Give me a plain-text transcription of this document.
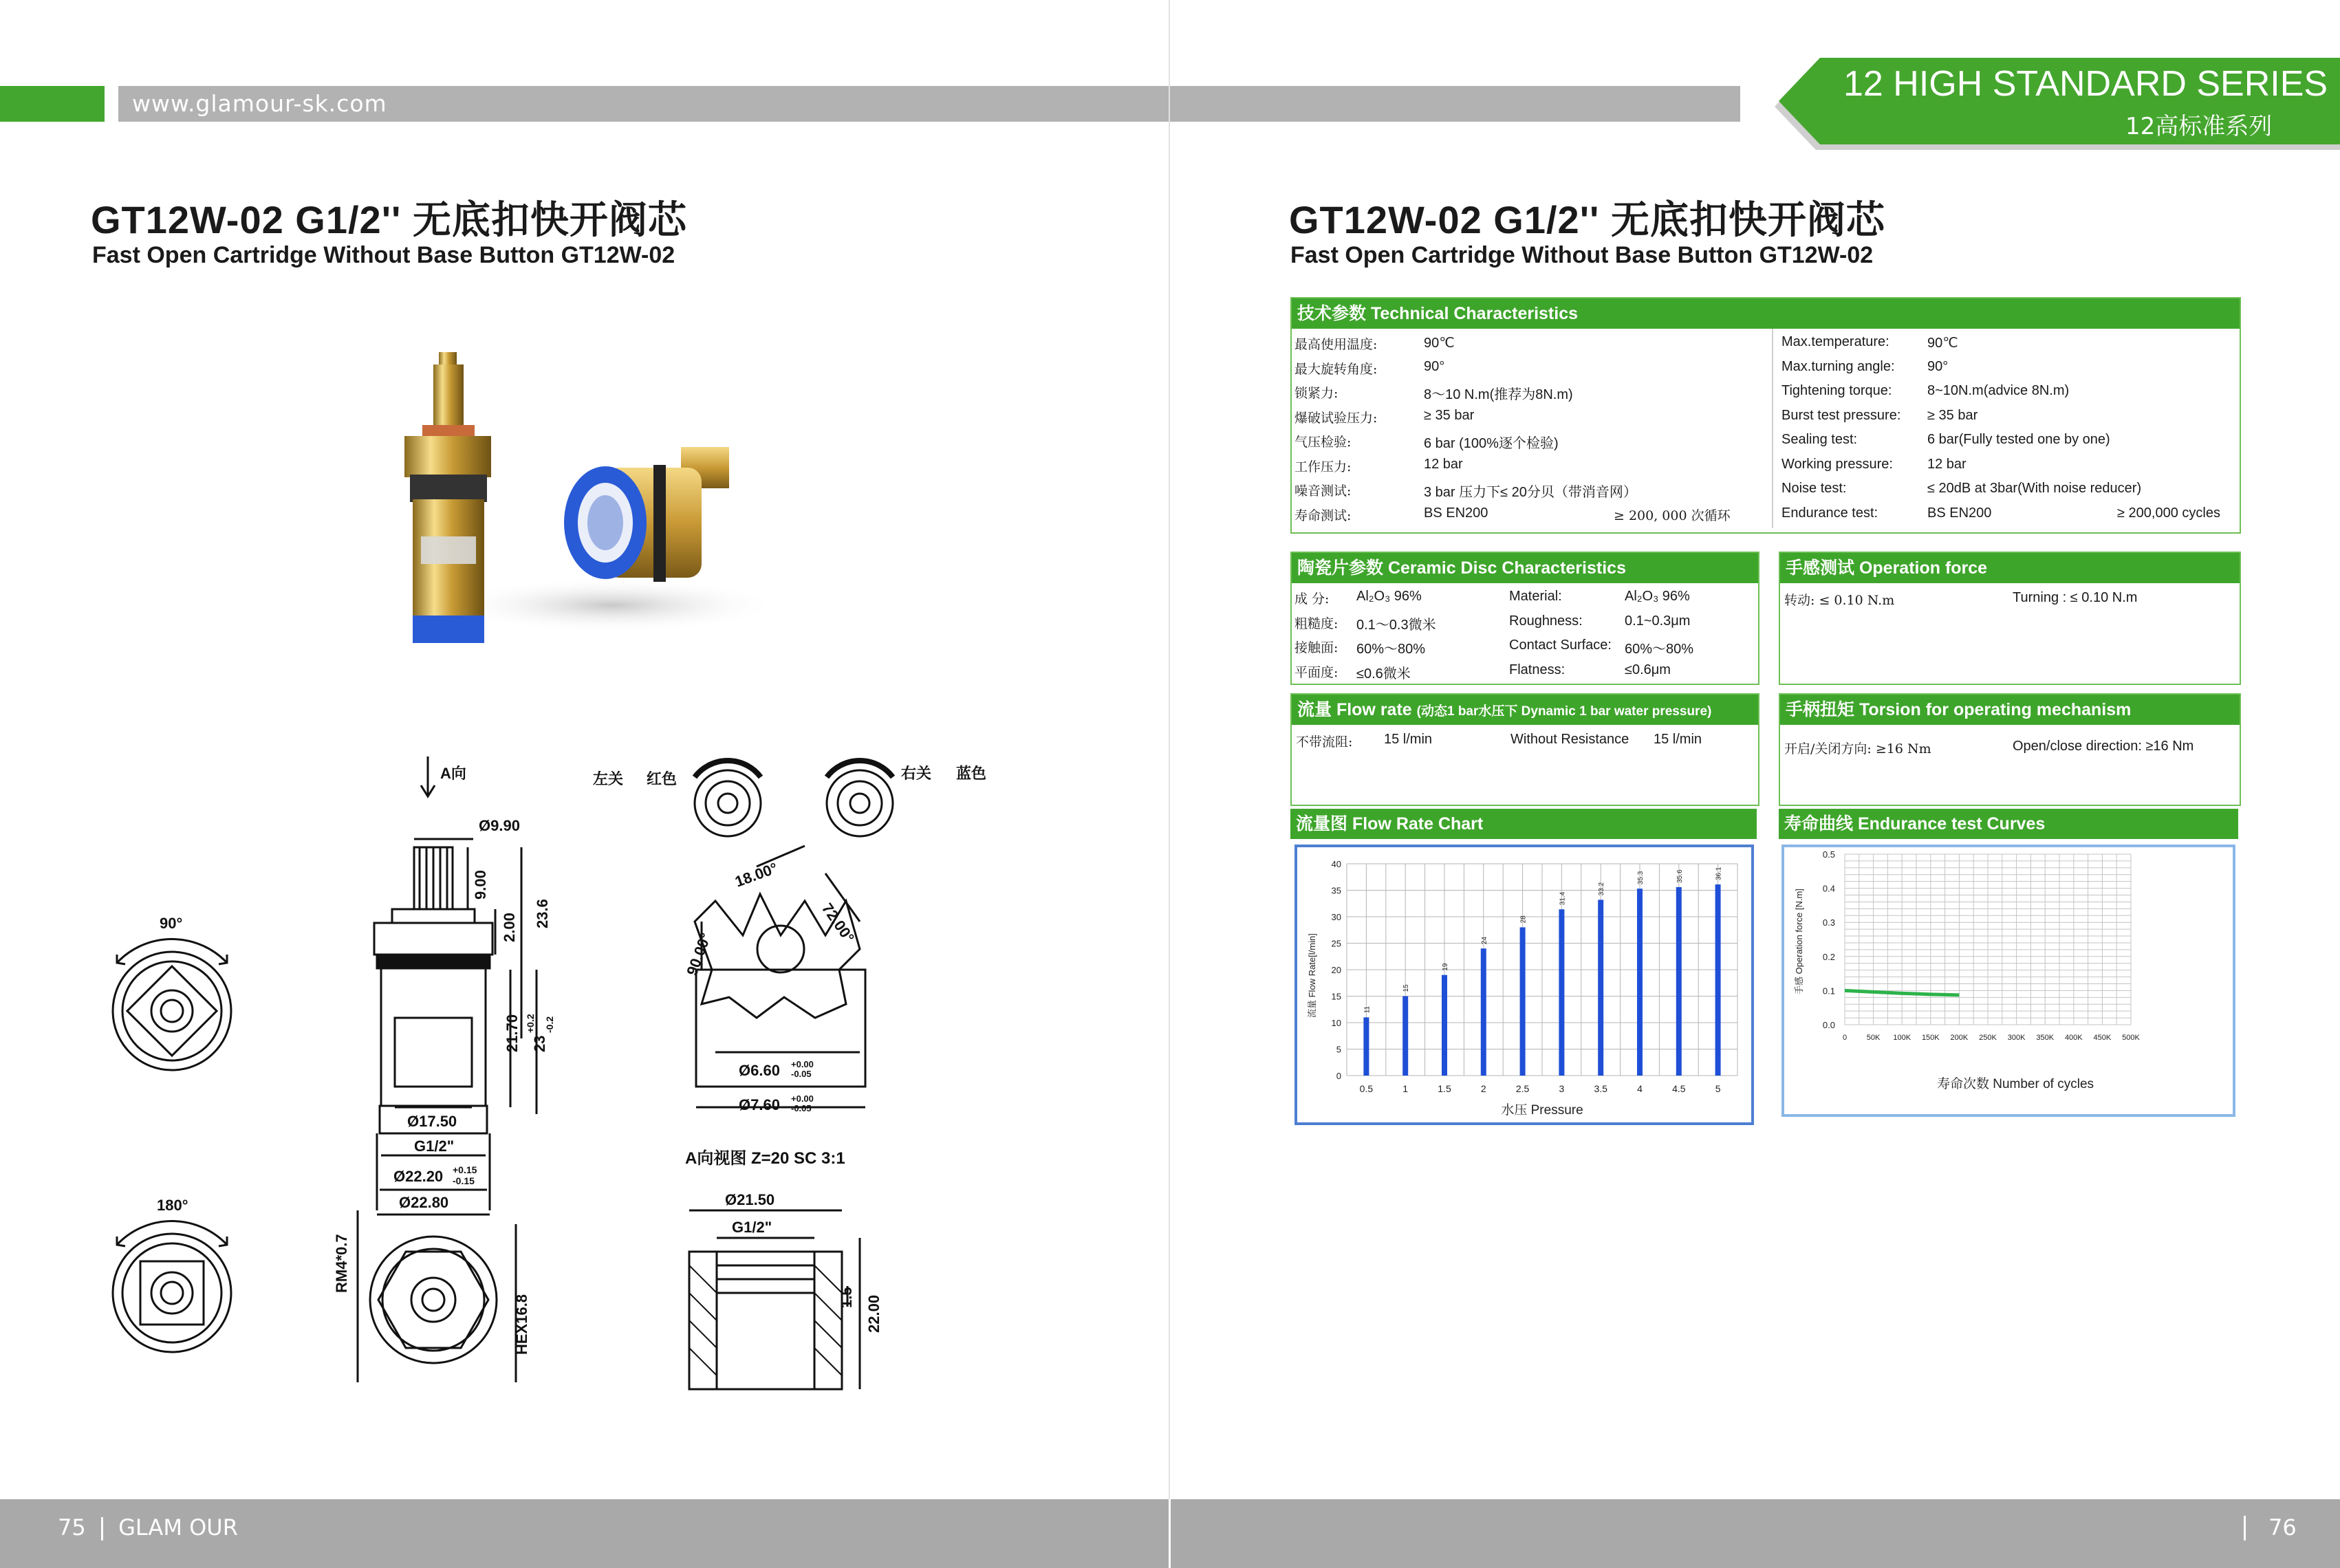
www.glamour-sk.com	12 HIGH STANDARD SERIES
12高标准系列
GT12W-02 G1/2'' 无底扣快开阀芯
Fast Open Cartridge Without Base Button GT12W-02
A向	左关 红色	右关 蓝色
90°
180°
Ø9.90
9.00
2.00 23.6
21.70 23
+0.2 -0.2
Ø17.50
G1/2"
Ø22.20 +0.15
-0.15
Ø22.80
RM4*0.7
HEX16.8
18.00°
72.00°
90.00°
Ø6.60 +0.00
-0.05
Ø7.60 +0.00
-0.05
A向视图 Z=20 SC 3:1
Ø21.50
G1/2"
1.5 22.00
GT12W-02 G1/2'' 无底扣快开阀芯
Fast Open Cartridge Without Base Button GT12W-02
技术参数 Technical Characteristics
最高使用温度:	90℃
最大旋转角度:	90°
锁紧力:	8～10 N.m(推荐为8N.m)
爆破试验压力:	≥ 35 bar
气压检验:	6 bar (100%逐个检验)
工作压力:	12 bar
噪音测试:	3 bar 压力下≤ 20分贝（带消音网）
寿命测试:	BS EN200	≥ 200, 000 次循环
Max.temperature:	90℃
Max.turning angle: 90°
Tightening torque:	8~10N.m(advice 8N.m)
Burst test pressure: ≥ 35 bar
Sealing test:	6 bar(Fully tested one by one)
Working pressure:	12 bar
Noise test:	≤ 20dB at 3bar(With noise reducer)
Endurance test:	BS EN200	≥ 200,000 cycles
陶瓷片参数 Ceramic Disc Characteristics
成 分: Al₂O₃ 96%	Material:	Al₂O₃ 96%
粗糙度: 0.1～0.3微米	Roughness:	0.1~0.3μm
接触面: 60%～80%	Contact Surface: 60%～80%
平面度: ≤0.6微米	Flatness:	≤0.6μm
手感测试 Operation force
转动: ≤ 0.10 N.m	Turning : ≤ 0.10 N.m
流量 Flow rate (动态1 bar水压下 Dynamic 1 bar water pressure)
不带流阻: 15 l/min	Without Resistance 15 l/min
手柄扭矩 Torsion for operating mechanism
开启/关闭方向: ≥16 Nm	Open/close direction: ≥16 Nm
流量图 Flow Rate Chart
0
5
10
15
20
25
30
35
40
11
0.5
15
1
19
1.5
24
2
28
2.5
31.4
3
33.2
3.5
35.3
4
35.6
4.5
36.1
5
水压 Pressure
流量 Flow Rate[l/min]
寿命曲线 Endurance test Curves
0.0
0.1
0.2
0.3
0.4
0.5
0	50K 100K 150K 200K 250K 300K 350K 400K 450K 500K
寿命次数 Number of cycles
手感 Operation force [N.m]
75 GLAM OUR	76
